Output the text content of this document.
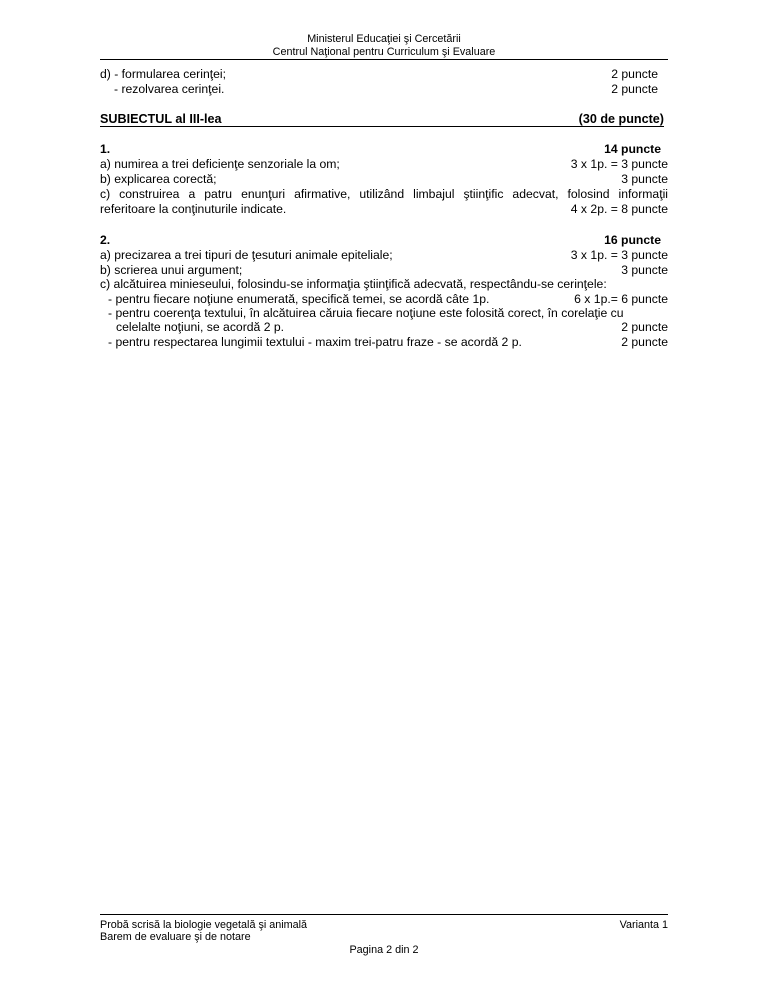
Ministerul Educaţiei şi Cercetării
Centrul Naţional pentru Curriculum şi Evaluare
d) - formularea cerinţei;	2 puncte
- rezolvarea cerinţei.	2 puncte
SUBIECTUL al III-lea	(30 de puncte)
1.	14 puncte
a) numirea a trei deficienţe senzoriale la om;	3 x 1p. = 3 puncte
b) explicarea corectă;	3 puncte
c) construirea a patru enunţuri afirmative, utilizând limbajul ştiinţific adecvat, folosind informaţii
referitoare la conţinuturile indicate.	4 x 2p. = 8 puncte
2.	16 puncte
a) precizarea a trei tipuri de ţesuturi animale epiteliale;	3 x 1p. = 3 puncte
b) scrierea unui argument;	3 puncte
c) alcătuirea minieseului, folosindu-se informaţia ştiinţifică adecvată, respectându-se cerinţele:
- pentru fiecare noţiune enumerată, specifică temei, se acordă câte 1p.	6 x 1p.= 6 puncte
- pentru coerenţa textului, în alcătuirea căruia fiecare noţiune este folosită corect, în corelaţie cu
celelalte noţiuni, se acordă 2 p.	2 puncte
- pentru respectarea lungimii textului - maxim trei-patru fraze - se acordă 2 p.	2 puncte
Probă scrisă la biologie vegetală şi animală	Varianta 1
Barem de evaluare şi de notare
Pagina 2 din 2
